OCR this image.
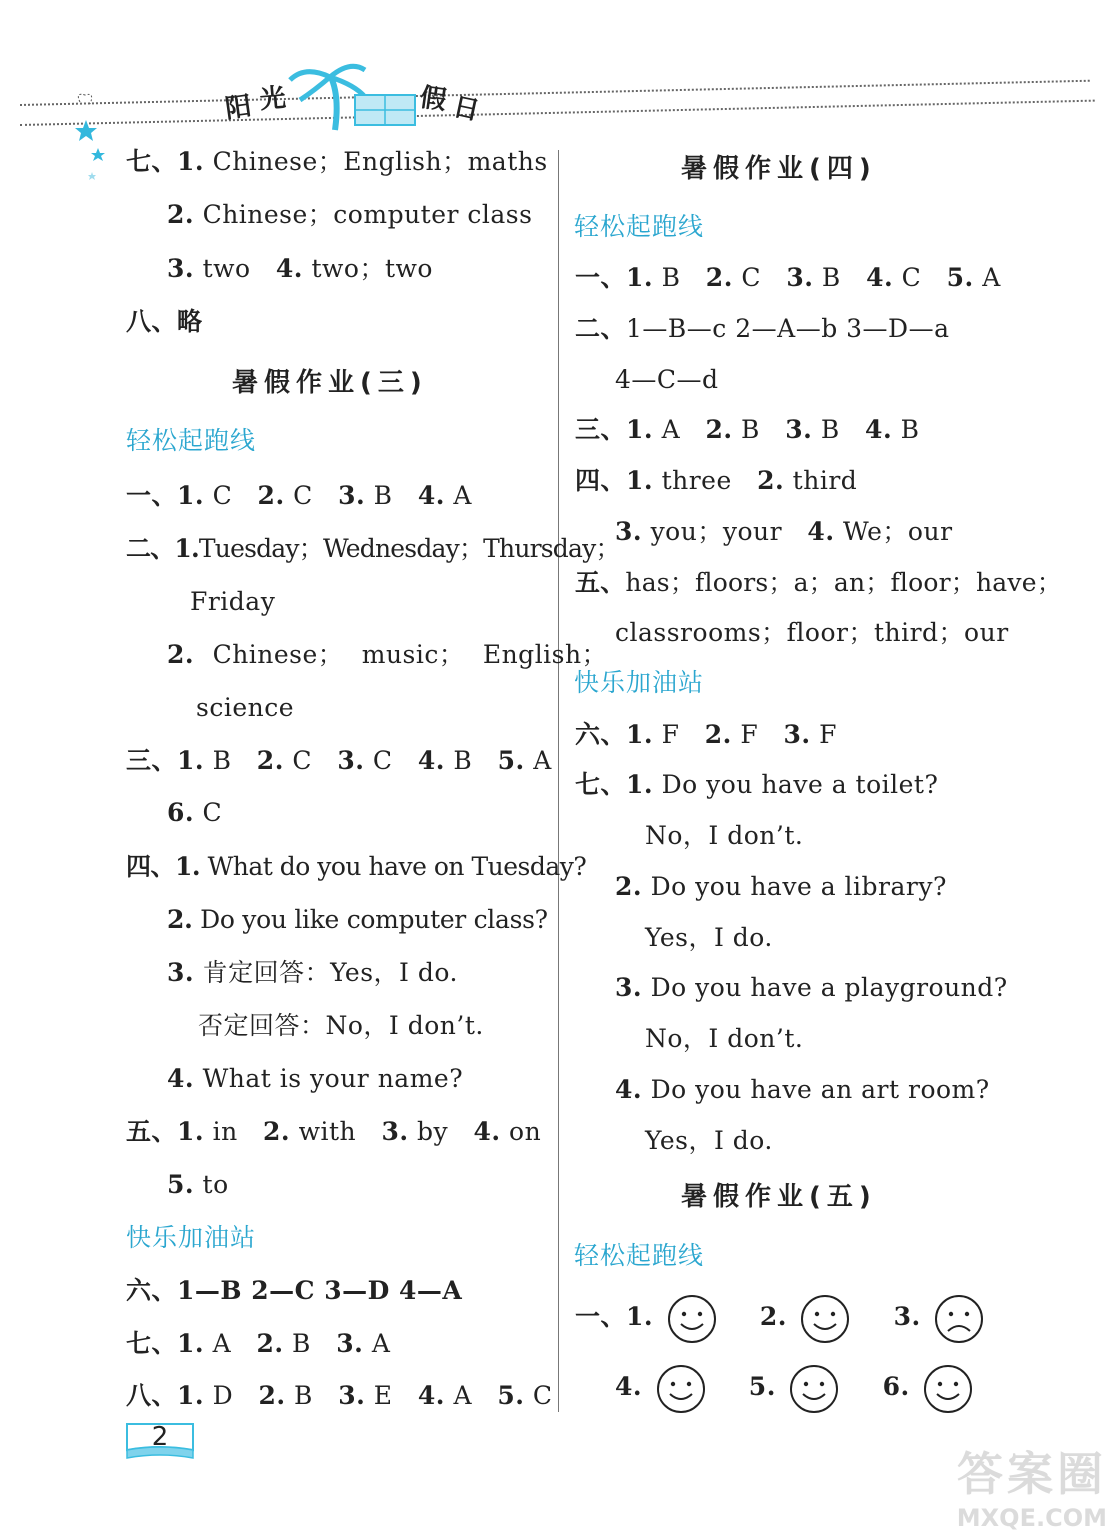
阳 光	假 日
七、1. Chinese；English；maths
2. Chinese；computer class
3. two 4. two；two
八、略
暑假作业(三)
轻松起跑线
一、1. C 2. C 3. B 4. A
二、1.Tuesday；Wednesday；Thursday；
Friday
2. Chinese； music； English；
science
三、1. B 2. C 3. C 4. B 5. A
6. C
四、1. What do you have on Tuesday?
2. Do you like computer class?
3. 肯定回答：Yes，I do.
否定回答：No，I don’t.
4. What is your name?
五、1. in 2. with 3. by 4. on
5. to
快乐加油站
六、1—B 2—C 3—D 4—A
七、1. A 2. B 3. A
八、1. D 2. B 3. E 4. A 5. C
暑假作业(四)
轻松起跑线
一、1. B 2. C 3. B 4. C 5. A
二、1—B—c 2—A—b 3—D—a
4—C—d
三、1. A 2. B 3. B 4. B
四、1. three 2. third
3. you；your 4. We；our
五、has；floors；a；an；floor；have；
classrooms；floor；third；our
快乐加油站
六、1. F 2. F 3. F
七、1. Do you have a toilet?
No，I don’t.
2. Do you have a library?
Yes，I do.
3. Do you have a playground?
No，I don’t.
4. Do you have an art room?
Yes，I do.
暑假作业(五)
轻松起跑线
一、1.	2.	3.
4.	5.	6.
2
答案圈
MXQE.COM
